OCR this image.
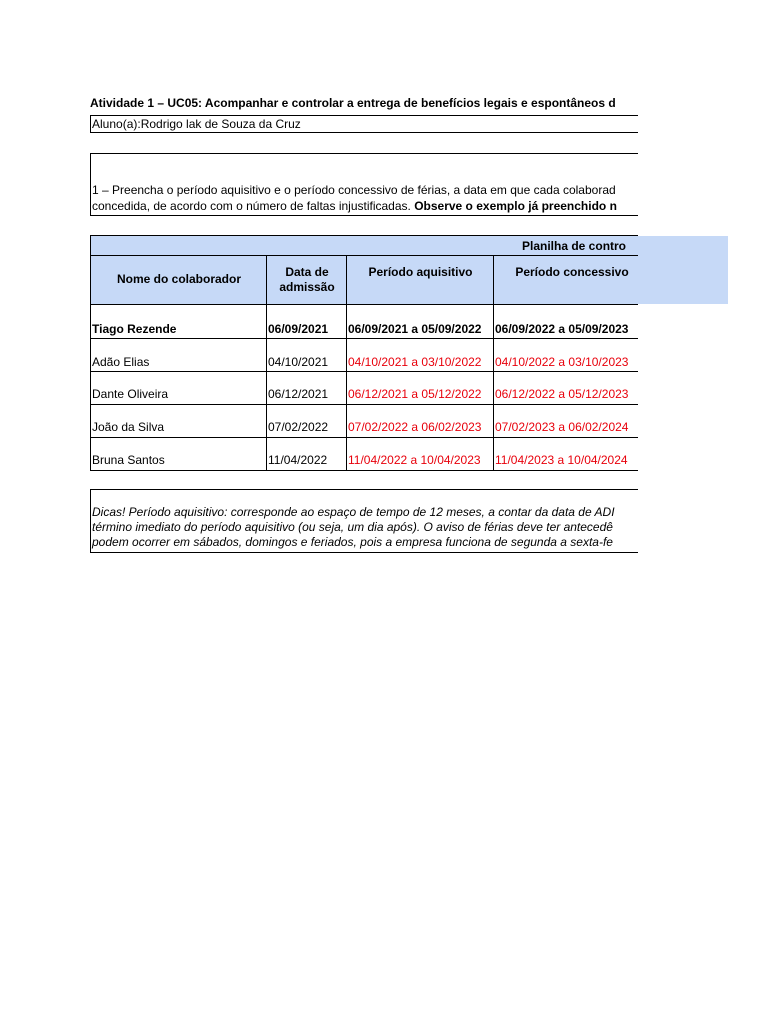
Atividade 1 – UC05: Acompanhar e controlar a entrega de benefícios legais e espontâneos d
Aluno(a):Rodrigo lak de Souza da Cruz
1 – Preencha o período aquisitivo e o período concessivo de férias, a data em que cada colaborad
concedida, de acordo com o número de faltas injustificadas. Observe o exemplo já preenchido n
Planilha de contro
Nome do colaborador	Data de
admissão
Período aquisitivo	Período concessivo
Tiago Rezende	06/09/2021 06/09/2021 a 05/09/2022 06/09/2022 a 05/09/2023
Adão Elias	04/10/2021 04/10/2021 a 03/10/2022 04/10/2022 a 03/10/2023
Dante Oliveira	06/12/2021 06/12/2021 a 05/12/2022 06/12/2022 a 05/12/2023
João da Silva	07/02/2022 07/02/2022 a 06/02/2023 07/02/2023 a 06/02/2024
Bruna Santos	11/04/2022 11/04/2022 a 10/04/2023 11/04/2023 a 10/04/2024
Dicas! Período aquisitivo: corresponde ao espaço de tempo de 12 meses, a contar da data de ADI
término imediato do período aquisitivo (ou seja, um dia após). O aviso de férias deve ter antecedê
podem ocorrer em sábados, domingos e feriados, pois a empresa funciona de segunda a sexta-fe
